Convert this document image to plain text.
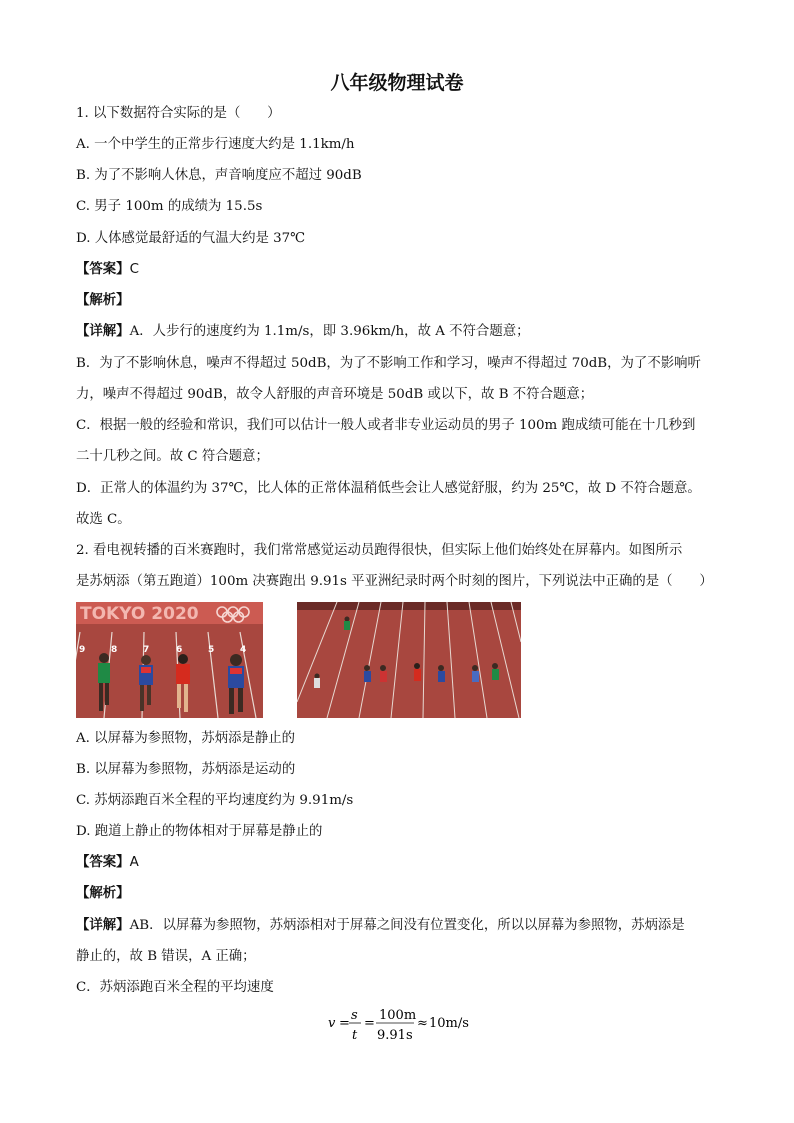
八年级物理试卷
1. 以下数据符合实际的是（　　）
A. 一个中学生的正常步行速度大约是 1.1km/h
B. 为了不影响人休息，声音响度应不超过 90dB
C. 男子 100m 的成绩为 15.5s
D. 人体感觉最舒适的气温大约是 37℃
【答案】C
【解析】
【详解】A．人步行的速度约为 1.1m/s，即 3.96km/h，故 A 不符合题意；
B．为了不影响休息，噪声不得超过 50dB，为了不影响工作和学习，噪声不得超过 70dB，为了不影响听
力，噪声不得超过 90dB，故令人舒服的声音环境是 50dB 或以下，故 B 不符合题意；
C．根据一般的经验和常识，我们可以估计一般人或者非专业运动员的男子 100m 跑成绩可能在十几秒到
二十几秒之间。故 C 符合题意；
D．正常人的体温约为 37℃，比人体的正常体温稍低些会让人感觉舒服，约为 25℃，故 D 不符合题意。
故选 C。
2. 看电视转播的百米赛跑时，我们常常感觉运动员跑得很快，但实际上他们始终处在屏幕内。如图所示
是苏炳添（第五跑道）100m 决赛跑出 9.91s 平亚洲纪录时两个时刻的图片，下列说法中正确的是（　　）
TOKYO 2020
9	8	7	6	5	4
A. 以屏幕为参照物，苏炳添是静止的
B. 以屏幕为参照物，苏炳添是运动的
C. 苏炳添跑百米全程的平均速度约为 9.91m/s
D. 跑道上静止的物体相对于屏幕是静止的
【答案】A
【解析】
【详解】AB．以屏幕为参照物，苏炳添相对于屏幕之间没有位置变化，所以以屏幕为参照物，苏炳添是
静止的，故 B 错误，A 正确；
C．苏炳添跑百米全程的平均速度
v =
s
t
=
100m
9.91s
≈ 10m/s
